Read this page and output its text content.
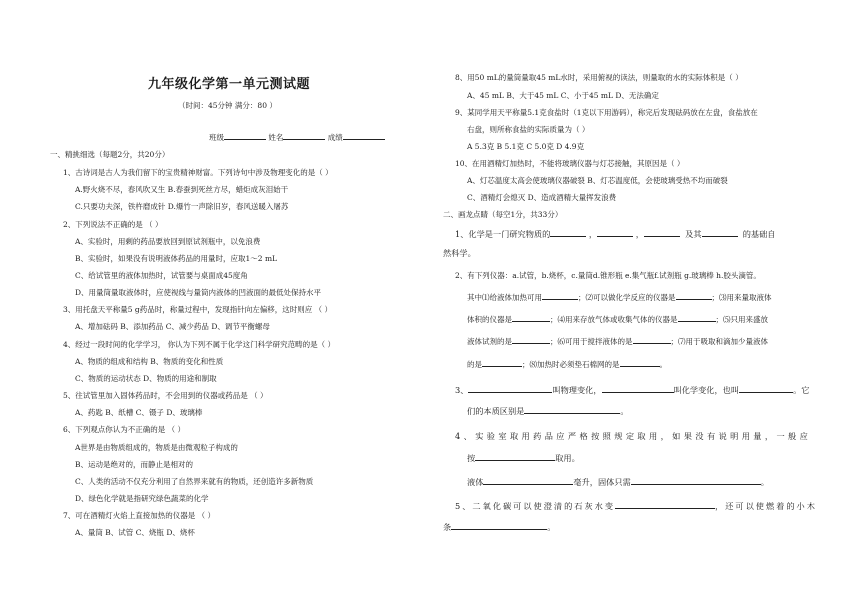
九年级化学第一单元测试题
（时间：45分钟 满分：80 ）
班级	姓名	成绩
一、精挑细选（每题2分，共20分）
1、古诗词是古人为我们留下的宝贵精神财富。下列诗句中涉及物理变化的是（ ）
A.野火烧不尽，春风吹又生 B.春蚕到死丝方尽，蜡炬成灰泪始干
C.只要功夫深，铁杵磨成针 D.爆竹一声除旧岁，春风送暖入屠苏
2、下列说法不正确的是 （ ）
A、实验时，用剩的药品要放回到原试剂瓶中，以免浪费
B、实验时，如果没有说明液体药品的用量时，应取1～2 mL
C、给试管里的液体加热时，试管要与桌面成45度角
D、用量筒量取液体时，应使视线与量筒内液体的凹液面的最低处保持水平
3、用托盘天平称量5 g药品时，称量过程中，发现指针向左偏移，这时则应 （ ）
A、增加砝码 B、添加药品 C、减少药品 D、调节平衡螺母
4、经过一段时间的化学学习， 你认为下列不属于化学这门科学研究范畴的是（ ）
A、物质的组成和结构 B、物质的变化和性质
C、物质的运动状态 D、物质的用途和制取
5、往试管里加入固体药品时，不会用到的仪器或药品是 （ ）
A、药匙 B、纸槽 C、镊子 D、玻璃棒
6、下列观点你认为不正确的是 （ ）
A世界是由物质组成的，物质是由微观粒子构成的
B、运动是绝对的，而静止是相对的
C、人类的活动不仅充分利用了自然界来就有的物质，还创造许多新物质
D、绿色化学就是指研究绿色蔬菜的化学
7、可在酒精灯火焰上直接加热的仪器是 （ ）
A、量筒 B、试管 C、烧瓶 D、烧杯
8、用50 mL的量筒量取45 mL水时，采用俯视的读法，则量取的水的实际体积是（ ）
A、45 mL B、大于45 mL C、小于45 mL D、无法确定
9、某同学用天平称量5.1克食盐时（1克以下用游码），称完后发现砝码放在左盘，食盐放在
右盘，则所称食盐的实际质量为（ ）
A 5.3克 B 5.1克 C 5.0克 D 4.9克
10、在用酒精灯加热时，不能将玻璃仪器与灯芯接触，其原因是（ ）
A、灯芯温度太高会使玻璃仪器破裂 B、灯芯温度低，会使玻璃受热不均而破裂
C、酒精灯会熄灭 D、造成酒精大量挥发浪费
二、画龙点睛（每空1分，共33分）
1、化学是一门研究物质的	，	，	及其	的基础自
然科学。
2、有下列仪器：a.试管，b.烧杯，c.量筒d.锥形瓶 e.集气瓶f.试剂瓶 g.玻璃棒 h.胶头滴管。
其中⑴给液体加热可用	；⑵可以做化学反应的仪器是	；⑶用来量取液体
体积的仪器是	；⑷用来存放气体或收集气体的仪器是	；⑸只用来盛放
液体试剂的是	；⑹可用于搅拌液体的是	；⑺用于吸取和滴加少量液体
的是	；⑻加热时必须垫石棉网的是	。
3、	叫物理变化，	叫化学变化，也叫	。它
们的本质区别是	。
4、实验室取用药品应严格按照规定取用，如果没有说明用量，一般应
按	取用。
液体	毫升，固体只需	。
5、二氧化碳可以使澄清的石灰水变	，还可以使燃着的小木
条	。
